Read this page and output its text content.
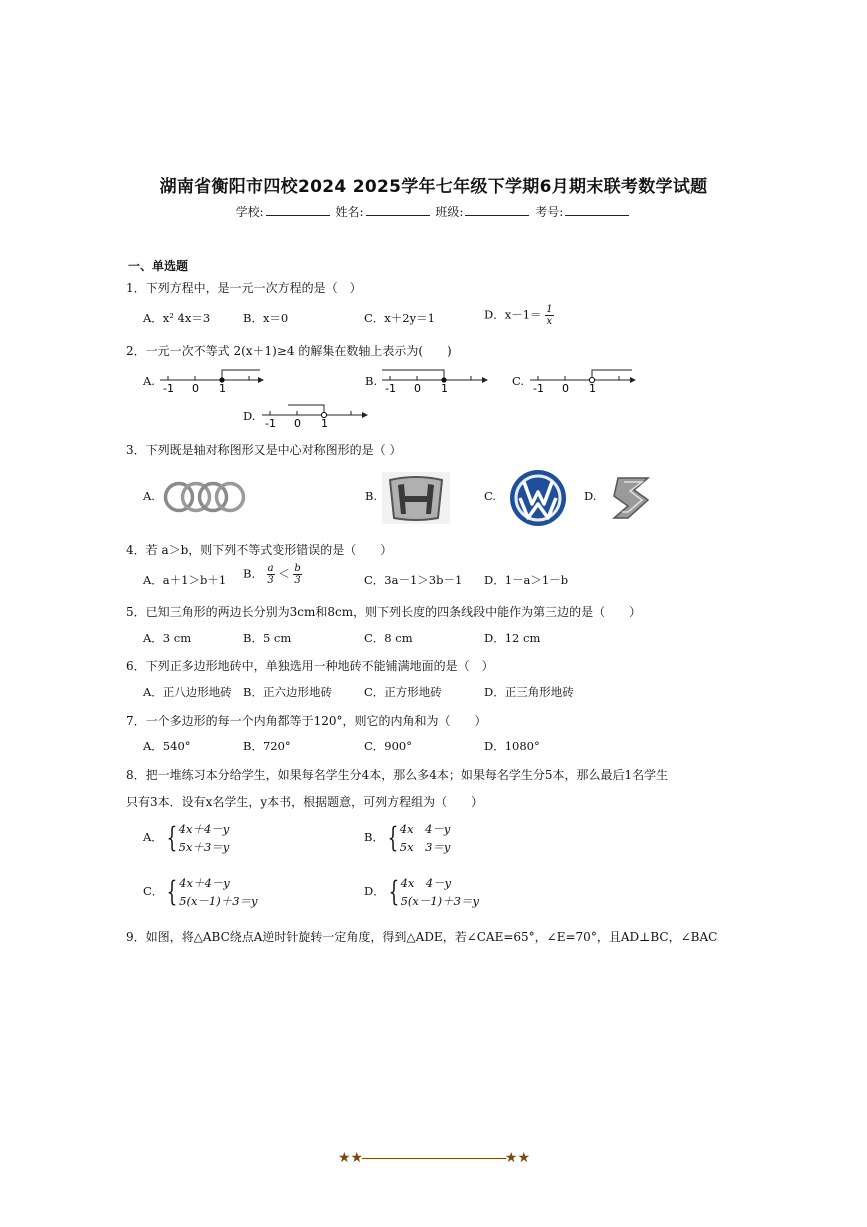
湖南省衡阳市四校2024 2025学年七年级下学期6月期末联考数学试题
学校:	姓名:	班级:	考号:
一、单选题
1．下列方程中，是一元一次方程的是（　）
A．x² 4x＝3	B．x＝0	C．x＋2y＝1	D．$x-1= \frac{1}{x}$
2．一元一次不等式 2(x＋1)≥4 的解集在数轴上表示为(　　)
A.
-1 0 1
B.
-1 0 1
C.
-1 0 1
D.
-1 0 1
3．下列既是轴对称图形又是中心对称图形的是（ ）
A.	B.	C.	D.
4．若 a＞b，则下列不等式变形错误的是（　　）
A．a＋1＞b＋1 B． $\frac{a}{3} < \frac{b}{3}$	C．3a－1＞3b－1 D．1－a＞1－b
5．已知三角形的两边长分别为3cm和8cm，则下列长度的四条线段中能作为第三边的是（　　）
A．3 cm	B．5 cm	C．8 cm	D．12 cm
6．下列正多边形地砖中，单独选用一种地砖不能铺满地面的是（　）
A．正八边形地砖 B．正六边形地砖	C．正方形地砖	D．正三角形地砖
7．一个多边形的每一个内角都等于120°，则它的内角和为（　　）
A．540°	B．720°	C．900°	D．1080°
8．把一堆练习本分给学生，如果每名学生分4本，那么多4本；如果每名学生分5本，那么最后1名学生
只有3本．设有x名学生，y本书，根据题意，可列方程组为（　　）
A． { 4x＋4－y
5x＋3＝y
B． { 4x　4－y
5x　3＝y
C． { 4x＋4－y
5(x－1)＋3＝y
D． { 4x　4－y
5(x－1)＋3＝y
9．如图，将△ABC绕点A逆时针旋转一定角度，得到△ADE，若∠CAE=65°，∠E=70°，且AD⊥BC，∠BAC
★★	★★
